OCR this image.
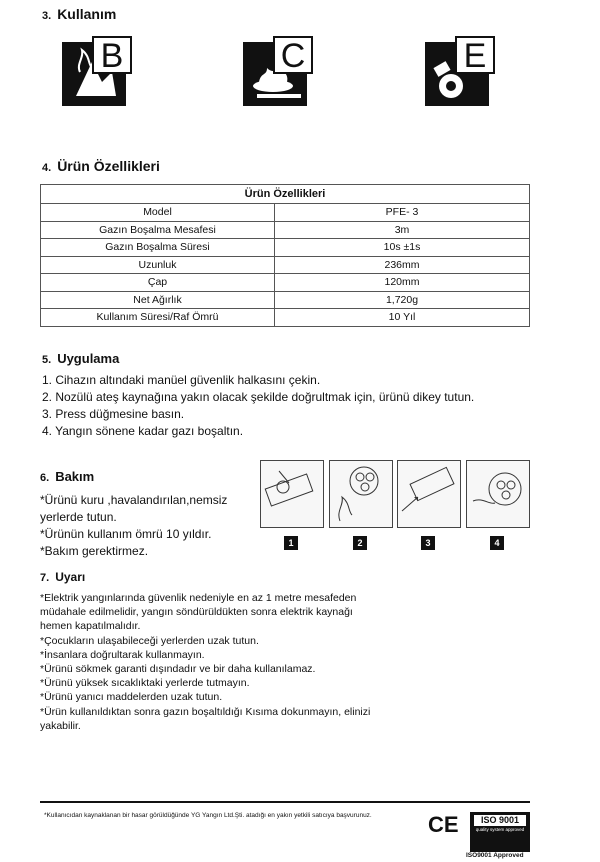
3. Kullanım
B	C	E
4. Ürün Özellikleri
Ürün Özellikleri	
Model	PFE- 3
Gazın Boşalma Mesafesi	3m
Gazın Boşalma Süresi	10s ±1s
Uzunluk	236mm
Çap	120mm
Net Ağırlık	1,720g
Kullanım Süresi/Raf Ömrü	10 Yıl
5. Uygulama
1. Cihazın altındaki manüel güvenlik halkasını çekin.
2. Nozülü ateş kaynağına yakın olacak şekilde doğrultmak için, ürünü dikey tutun.
3. Press düğmesine basın.
4. Yangın sönene kadar gazı boşaltın.
6. Bakım
*Ürünü kuru ,havalandırılan,nemsiz
yerlerde tutun.
*Ürünün kullanım ömrü 10 yıldır.
*Bakım gerektirmez.
1	2	3	4
7. Uyarı
*Elektrik yangınlarında güvenlik nedeniyle en az 1 metre mesafeden
müdahale edilmelidir, yangın söndürüldükten sonra elektrik kaynağı
hemen kapatılmalıdır.
*Çocukların ulaşabileceği yerlerden uzak tutun.
*İnsanlara doğrultarak kullanmayın.
*Ürünü sökmek garanti dışındadır ve bir daha kullanılamaz.
*Ürünü yüksek sıcaklıktaki yerlerde tutmayın.
*Ürünü yanıcı maddelerden uzak tutun.
*Ürün kullanıldıktan sonra gazın boşaltıldığı Kısıma dokunmayın, elinizi
yakabilir.
*Kullanıcıdan kaynaklanan bir hasar görüldüğünde YG Yangın Ltd.Şti. atadığı en yakın yetkili satıcıya başvurunuz.	CE	ISO 9001
quality system approved
ISO9001 Approved
